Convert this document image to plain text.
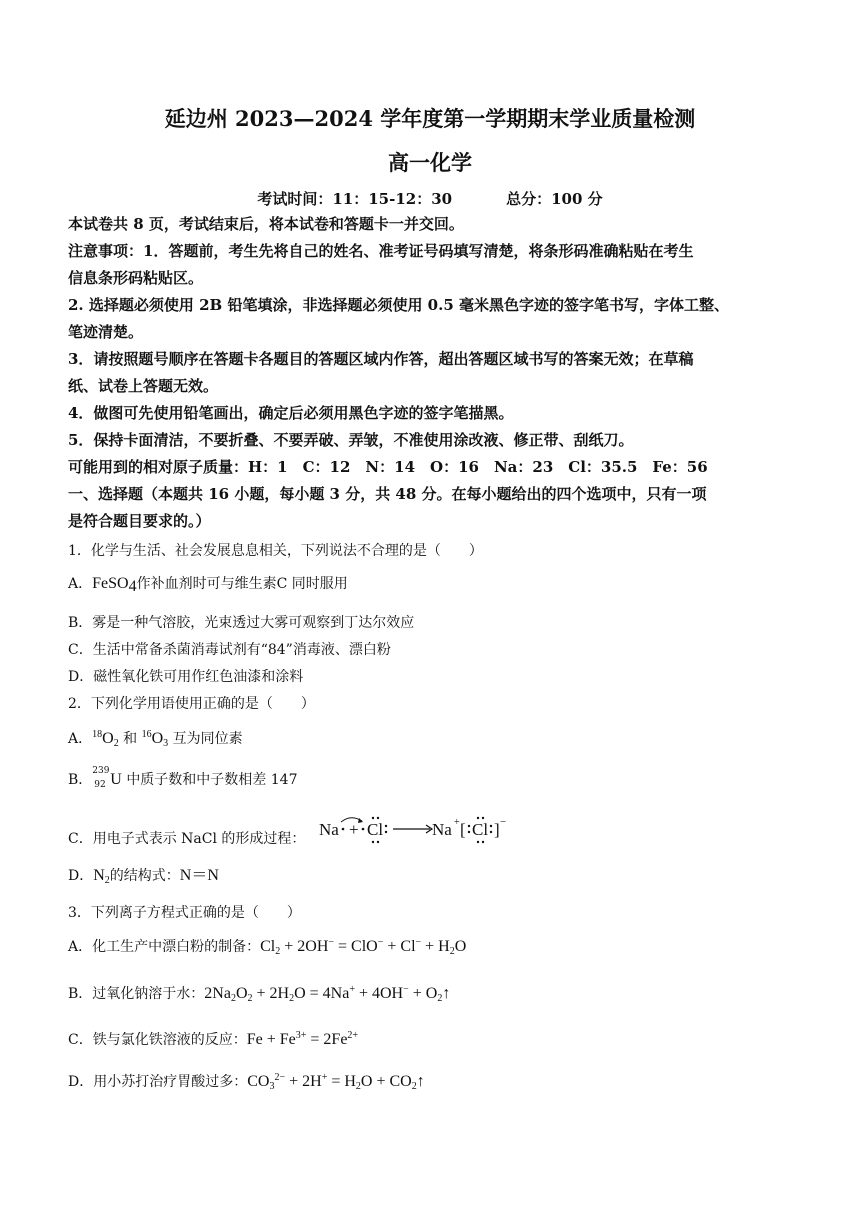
延边州 2023—2024 学年度第一学期期末学业质量检测
高一化学
考试时间：11：15-12：30	总分：100 分
本试卷共 8 页，考试结束后，将本试卷和答题卡一并交回。
注意事项：1．答题前，考生先将自己的姓名、准考证号码填写清楚，将条形码准确粘贴在考生
信息条形码粘贴区。
2. 选择题必须使用 2B 铅笔填涂，非选择题必须使用 0.5 毫米黑色字迹的签字笔书写，字体工整、
笔迹清楚。
3．请按照题号顺序在答题卡各题目的答题区域内作答，超出答题区域书写的答案无效；在草稿
纸、试卷上答题无效。
4．做图可先使用铅笔画出，确定后必须用黑色字迹的签字笔描黑。
5．保持卡面清洁，不要折叠、不要弄破、弄皱，不准使用涂改液、修正带、刮纸刀。
可能用到的相对原子质量：H：1　C：12　N：14　O：16　Na：23　Cl：35.5　Fe：56
一、选择题（本题共 16 小题，每小题 3 分，共 48 分。在每小题给出的四个选项中，只有一项
是符合题目要求的。）
1．化学与生活、社会发展息息相关，下列说法不合理的是（　　）
A．FeSO$_4$作补血剂时可与维生素C 同时服用
B．雾是一种气溶胶，光束透过大雾可观察到丁达尔效应
C．生活中常备杀菌消毒试剂有“84”消毒液、漂白粉
D．磁性氧化铁可用作红色油漆和涂料
2．下列化学用语使用正确的是（　　）
A．$^{18}O_2$ 和 $^{16}O_3$ 互为同位素
B．
239
92 U 中质子数和中子数相差 147
C．用电子式表示 NaCl 的形成过程： Na + Cl	Na + [ Cl ] −
D．$N_2$的结构式：N＝N
3．下列离子方程式正确的是（　　）
A．化工生产中漂白粉的制备：$Cl_2 + 2OH^- = ClO^- + Cl^- + H_2O$
B．过氧化钠溶于水：$2Na_2O_2 + 2H_2O = 4Na^+ + 4OH^-$ + $O_2↑$
C．铁与氯化铁溶液的反应：$Fe + Fe^{3+} = 2Fe^{2+}$
D．用小苏打治疗胃酸过多：$CO_3^{2-} + 2H^+ = H_2O$ + $CO_2↑$
